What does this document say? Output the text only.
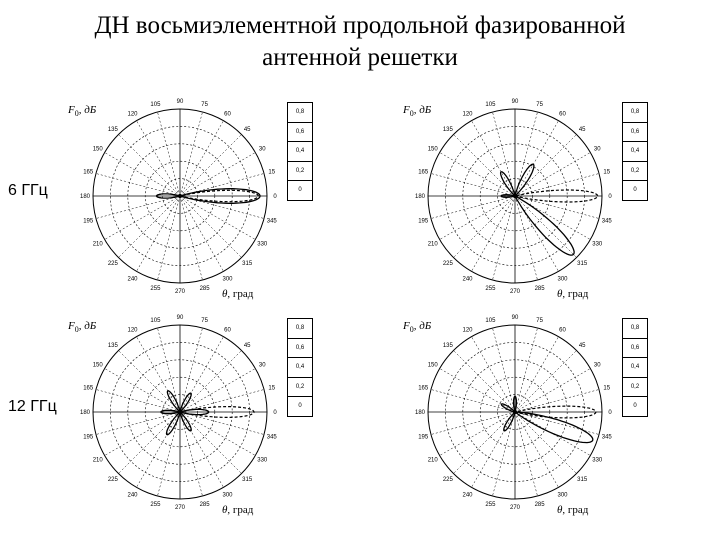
ДН восьмиэлементной продольной фазированной
антенной решетки
6 ГГц
12 ГГц
0
15
30
45
60
75
90
105
120
135
150
165
180
195
210
225
240
255
270
285
300
315
330
345
$F_0$, дБ
θ, град
0,8
0,6
0,4
0,2
0
0
15
30
45
60
75
90
105
120
135
150
165
180
195
210
225
240
255
270
285
300
315
330
345
$F_0$, дБ
θ, град
0,8
0,6
0,4
0,2
0
0
15
30
45
60
75
90
105
120
135
150
165
180
195
210
225
240
255
270
285
300
315
330
345
$F_0$, дБ
θ, град
0,8
0,6
0,4
0,2
0
0
15
30
45
60
75
90
105
120
135
150
165
180
195
210
225
240
255
270
285
300
315
330
345
$F_0$, дБ
θ, град
0,8
0,6
0,4
0,2
0
